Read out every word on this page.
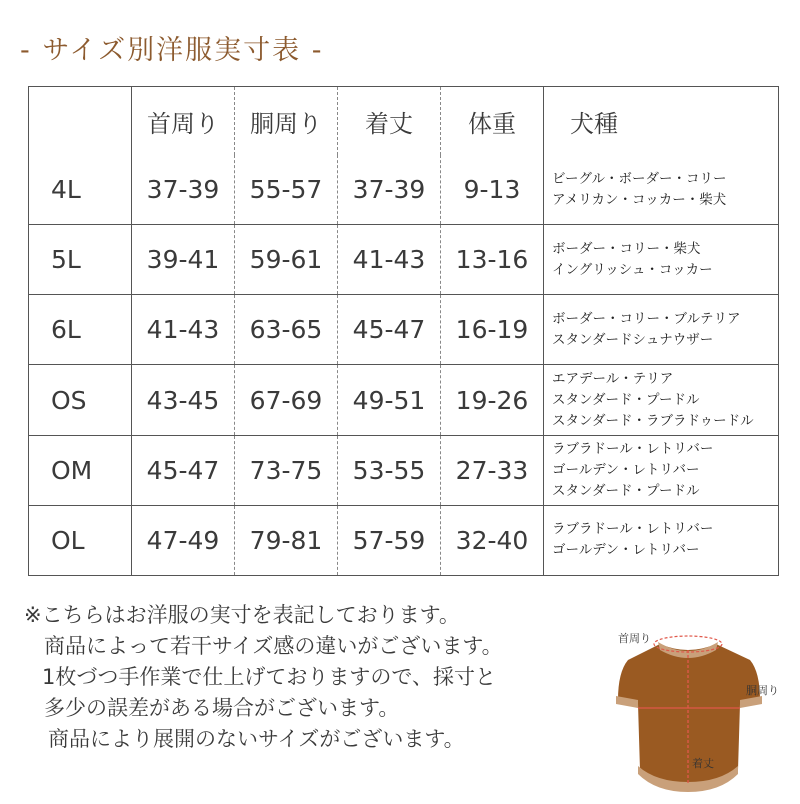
- サイズ別洋服実寸表 -
	首周り	胴周り	着丈	体重	犬種
4L	37-39	55-57	37-39	9-13	ビーグル・ボーダー・コリー
アメリカン・コッカー・柴犬

5L	39-41	59-61	41-43	13-16	ボーダー・コリー・柴犬
イングリッシュ・コッカー

6L	41-43	63-65	45-47	16-19	ボーダー・コリー・ブルテリア
スタンダードシュナウザー

OS	43-45	67-69	49-51	19-26	エアデール・テリア
スタンダード・プードル
スタンダード・ラブラドゥードル

OM	45-47	73-75	53-55	27-33	ラブラドール・レトリバー
ゴールデン・レトリバー
スタンダード・プードル

OL	47-49	79-81	57-59	32-40	ラブラドール・レトリバー
ゴールデン・レトリバー
※こちらはお洋服の実寸を表記しております。
商品によって若干サイズ感の違いがございます。
1枚づつ手作業で仕上げておりますので、採寸と
多少の誤差がある場合がございます。
商品により展開のないサイズがございます。
首周り
胴周り
着丈
